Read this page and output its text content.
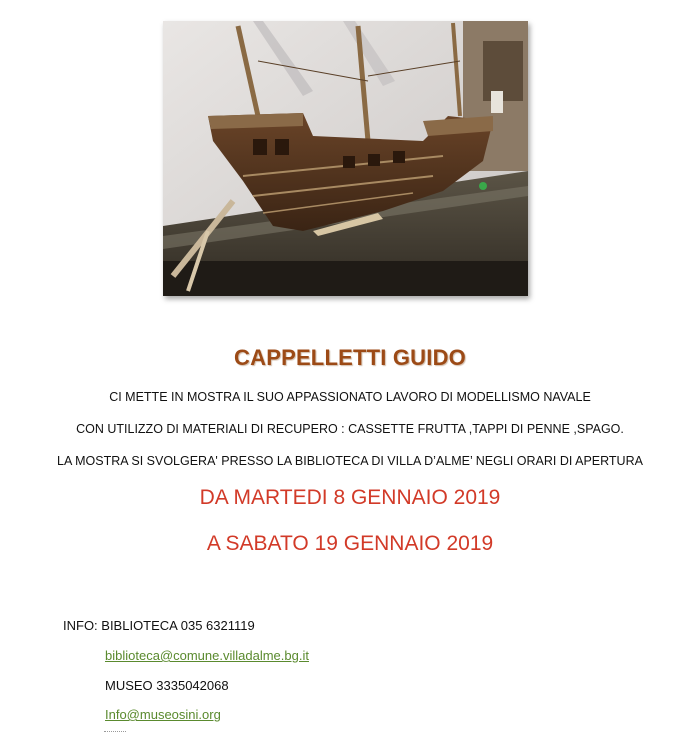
CAPPELLETTI GUIDO
CI METTE IN MOSTRA IL SUO APPASSIONATO LAVORO DI MODELLISMO NAVALE
CON UTILIZZO DI MATERIALI DI RECUPERO : CASSETTE FRUTTA ,TAPPI DI PENNE ,SPAGO.
LA MOSTRA SI SVOLGERA' PRESSO LA BIBLIOTECA DI VILLA D’ALME’ NEGLI ORARI DI APERTURA
DA MARTEDI 8 GENNAIO 2019
A SABATO 19 GENNAIO 2019
INFO: BIBLIOTECA 035 6321119
biblioteca@comune.villadalme.bg.it
MUSEO 3335042068
Info@museosini.org
